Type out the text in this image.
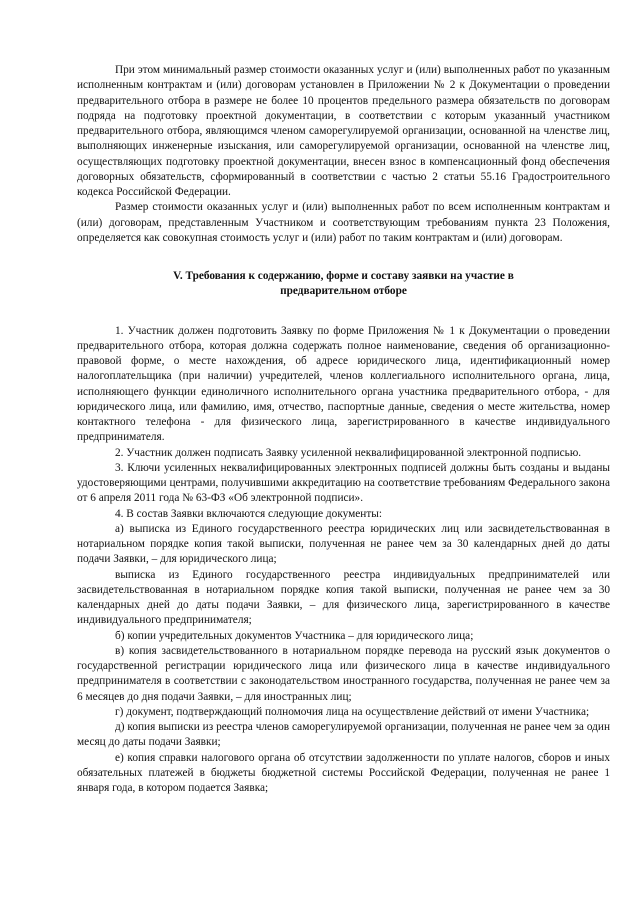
При этом минимальный размер стоимости оказанных услуг и (или) выполненных работ по указанным исполненным контрактам и (или) договорам установлен в Приложении № 2 к Документации о проведении предварительного отбора в размере не более 10 процентов предельного размера обязательств по договорам подряда на подготовку проектной документации, в соответствии с которым указанный участником предварительного отбора, являющимся членом саморегулируемой организации, основанной на членстве лиц, выполняющих инженерные изыскания, или саморегулируемой организации, основанной на членстве лиц, осуществляющих подготовку проектной документации, внесен взнос в компенсационный фонд обеспечения договорных обязательств, сформированный в соответствии с частью 2 статьи 55.16 Градостроительного кодекса Российской Федерации.

Размер стоимости оказанных услуг и (или) выполненных работ по всем исполненным контрактам и (или) договорам, представленным Участником и соответствующим требованиям пункта 23 Положения, определяется как совокупная стоимость услуг и (или) работ по таким контрактам и (или) договорам.

V. Требования к содержанию, форме и составу заявки на участие в
предварительном отборе

1. Участник должен подготовить Заявку по форме Приложения № 1 к Документации о проведении предварительного отбора, которая должна содержать полное наименование, сведения об организационно-правовой форме, о месте нахождения, об адресе юридического лица, идентификационный номер налогоплательщика (при наличии) учредителей, членов коллегиального исполнительного органа, лица, исполняющего функции единоличного исполнительного органа участника предварительного отбора, - для юридического лица, или фамилию, имя, отчество, паспортные данные, сведения о месте жительства, номер контактного телефона - для физического лица, зарегистрированного в качестве индивидуального предпринимателя.

2. Участник должен подписать Заявку усиленной неквалифицированной электронной подписью.

3. Ключи усиленных неквалифицированных электронных подписей должны быть созданы и выданы удостоверяющими центрами, получившими аккредитацию на соответствие требованиям Федерального закона от 6 апреля 2011 года № 63-ФЗ «Об электронной подписи».

4. В состав Заявки включаются следующие документы:

а) выписка из Единого государственного реестра юридических лиц или засвидетельствованная в нотариальном порядке копия такой выписки, полученная не ранее чем за 30 календарных дней до даты подачи Заявки, – для юридического лица;

выписка из Единого государственного реестра индивидуальных предпринимателей или засвидетельствованная в нотариальном порядке копия такой выписки, полученная не ранее чем за 30 календарных дней до даты подачи Заявки, – для физического лица, зарегистрированного в качестве индивидуального предпринимателя;

б) копии учредительных документов Участника – для юридического лица;

в) копия засвидетельствованного в нотариальном порядке перевода на русский язык документов о государственной регистрации юридического лица или физического лица в качестве индивидуального предпринимателя в соответствии с законодательством иностранного государства, полученная не ранее чем за 6 месяцев до дня подачи Заявки, – для иностранных лиц;

г) документ, подтверждающий полномочия лица на осуществление действий от имени Участника;

д) копия выписки из реестра членов саморегулируемой организации, полученная не ранее чем за один месяц до даты подачи Заявки;

е) копия справки налогового органа об отсутствии задолженности по уплате налогов, сборов и иных обязательных платежей в бюджеты бюджетной системы Российской Федерации, полученная не ранее 1 января года, в котором подается Заявка;
